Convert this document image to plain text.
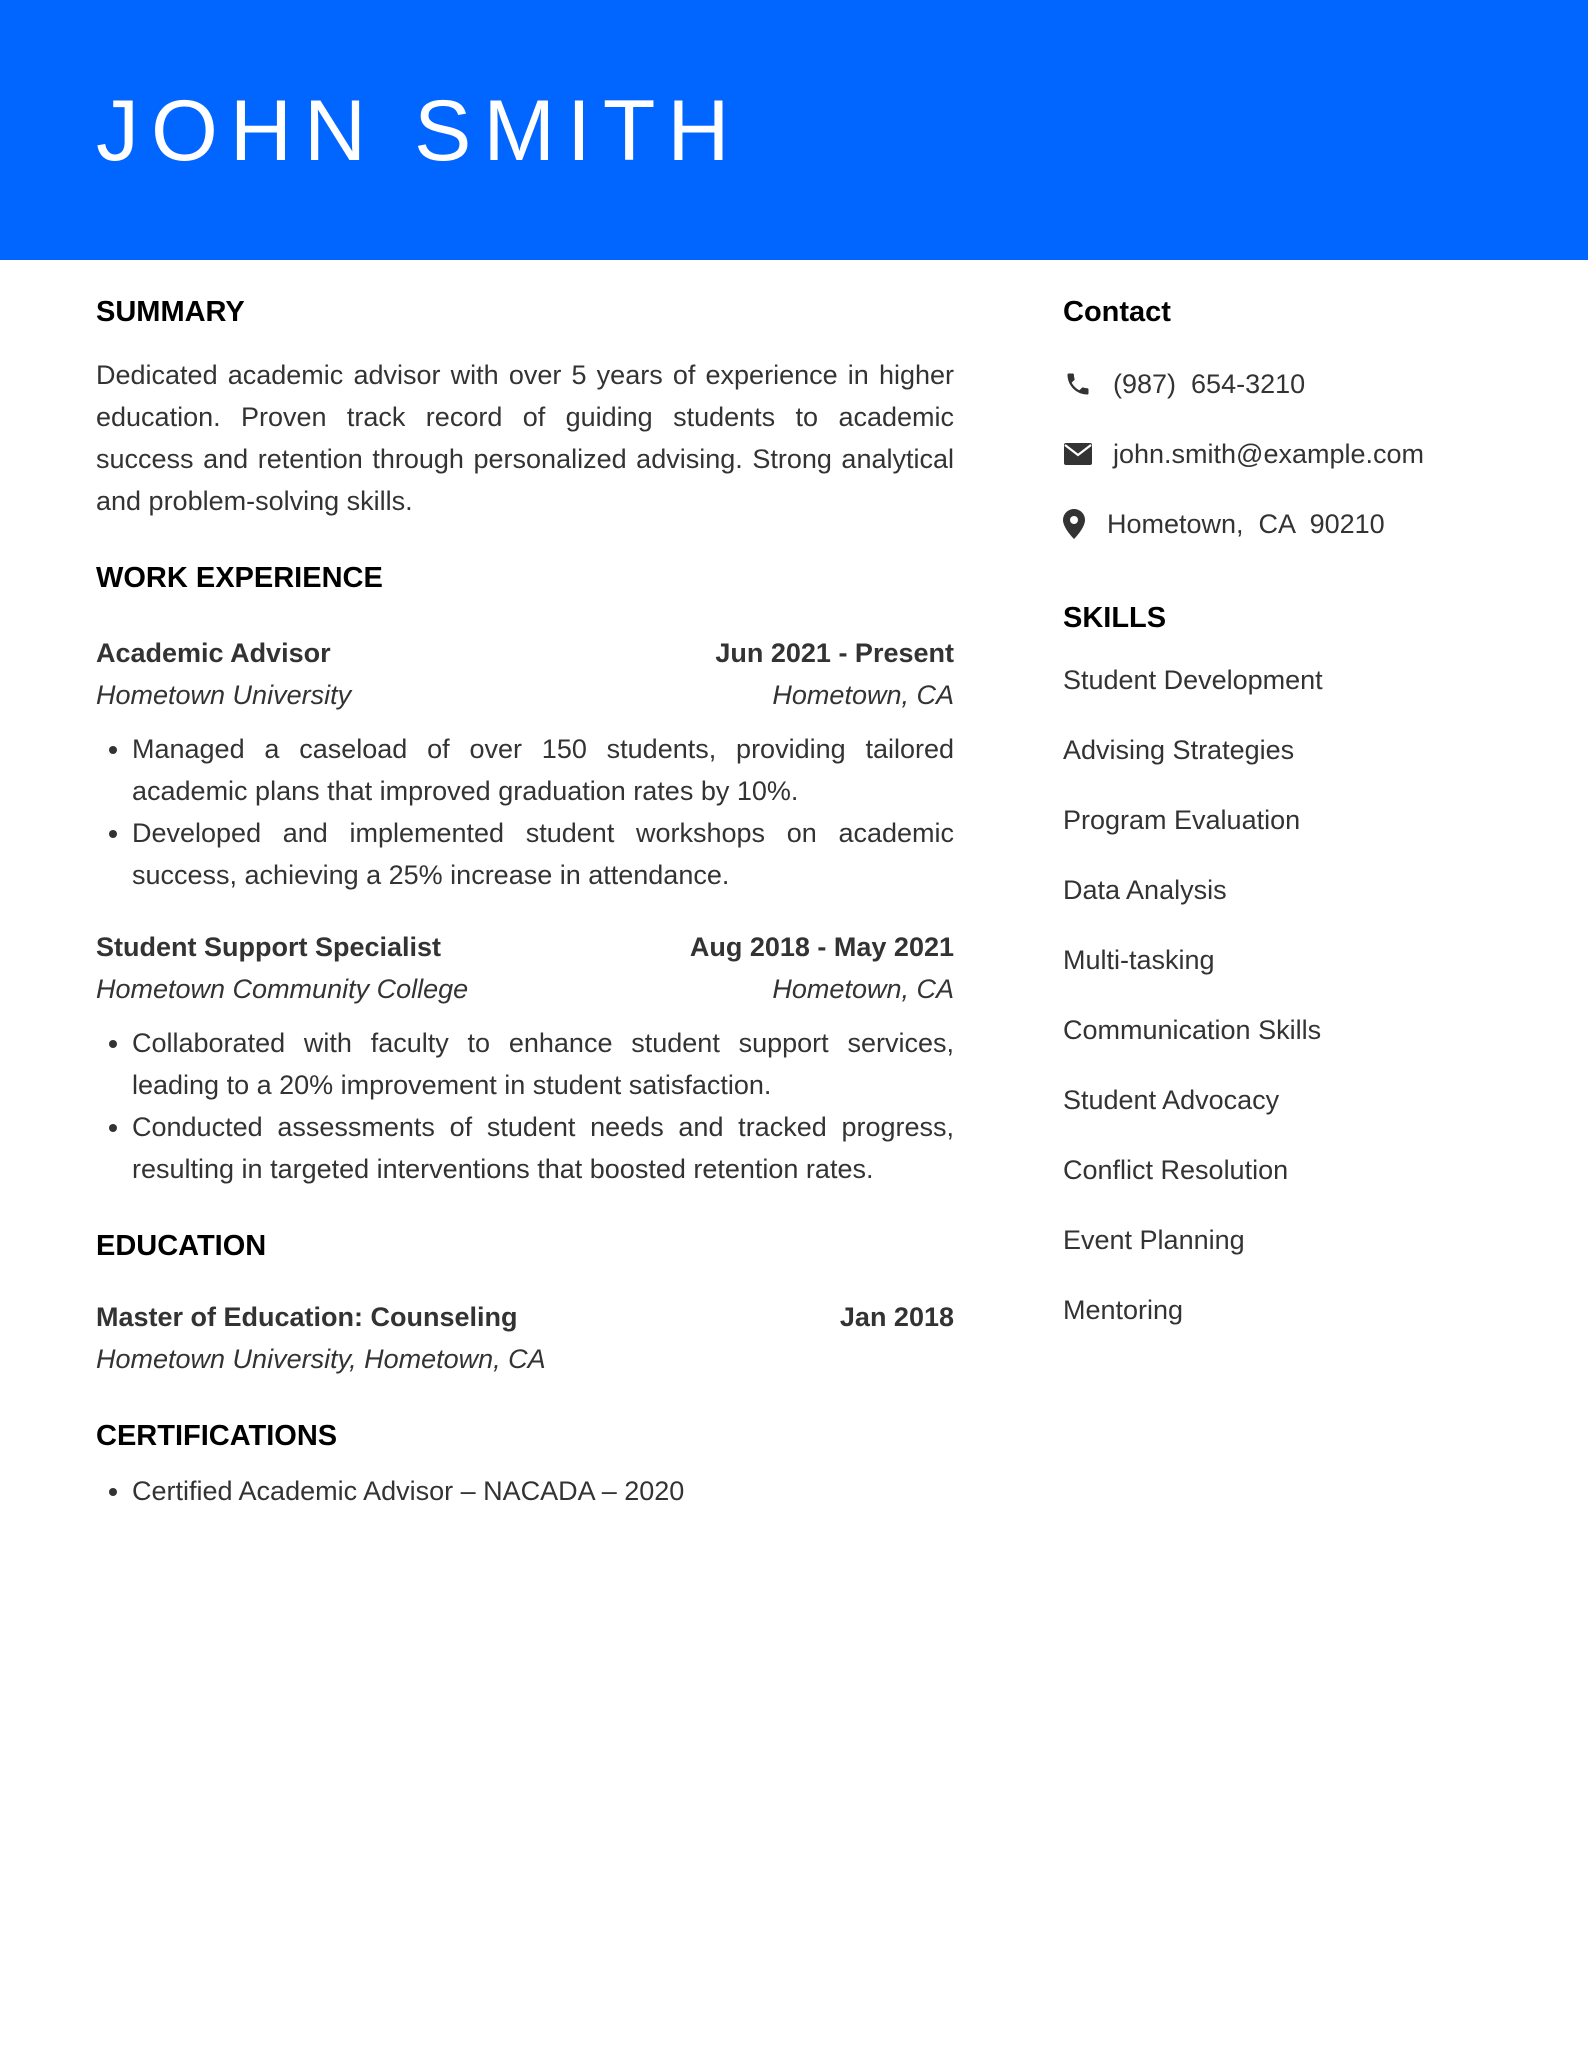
JOHN SMITH
SUMMARY

Dedicated academic advisor with over 5 years of experience in higher education. Proven track record of guiding students to academic success and retention through personalized advising. Strong analytical and problem-solving skills.

WORK EXPERIENCE
Academic Advisor	Jun 2021 - Present
Hometown University	Hometown, CA
• Managed a caseload of over 150 students, providing tailored academic plans that improved graduation rates by 10%.
• Developed and implemented student workshops on academic success, achieving a 25% increase in attendance.
Student Support Specialist	Aug 2018 - May 2021
Hometown Community College	Hometown, CA
• Collaborated with faculty to enhance student support services, leading to a 20% improvement in student satisfaction.
• Conducted assessments of student needs and tracked progress, resulting in targeted interventions that boosted retention rates.
EDUCATION
Master of Education: Counseling	Jan 2018
Hometown University, Hometown, CA
CERTIFICATIONS
• Certified Academic Advisor – NACADA – 2020
Contact
(987)  654-3210
john.smith@example.com
Hometown,  CA  90210
SKILLS
Student Development
Advising Strategies
Program Evaluation
Data Analysis
Multi-tasking
Communication Skills
Student Advocacy
Conflict Resolution
Event Planning
Mentoring
